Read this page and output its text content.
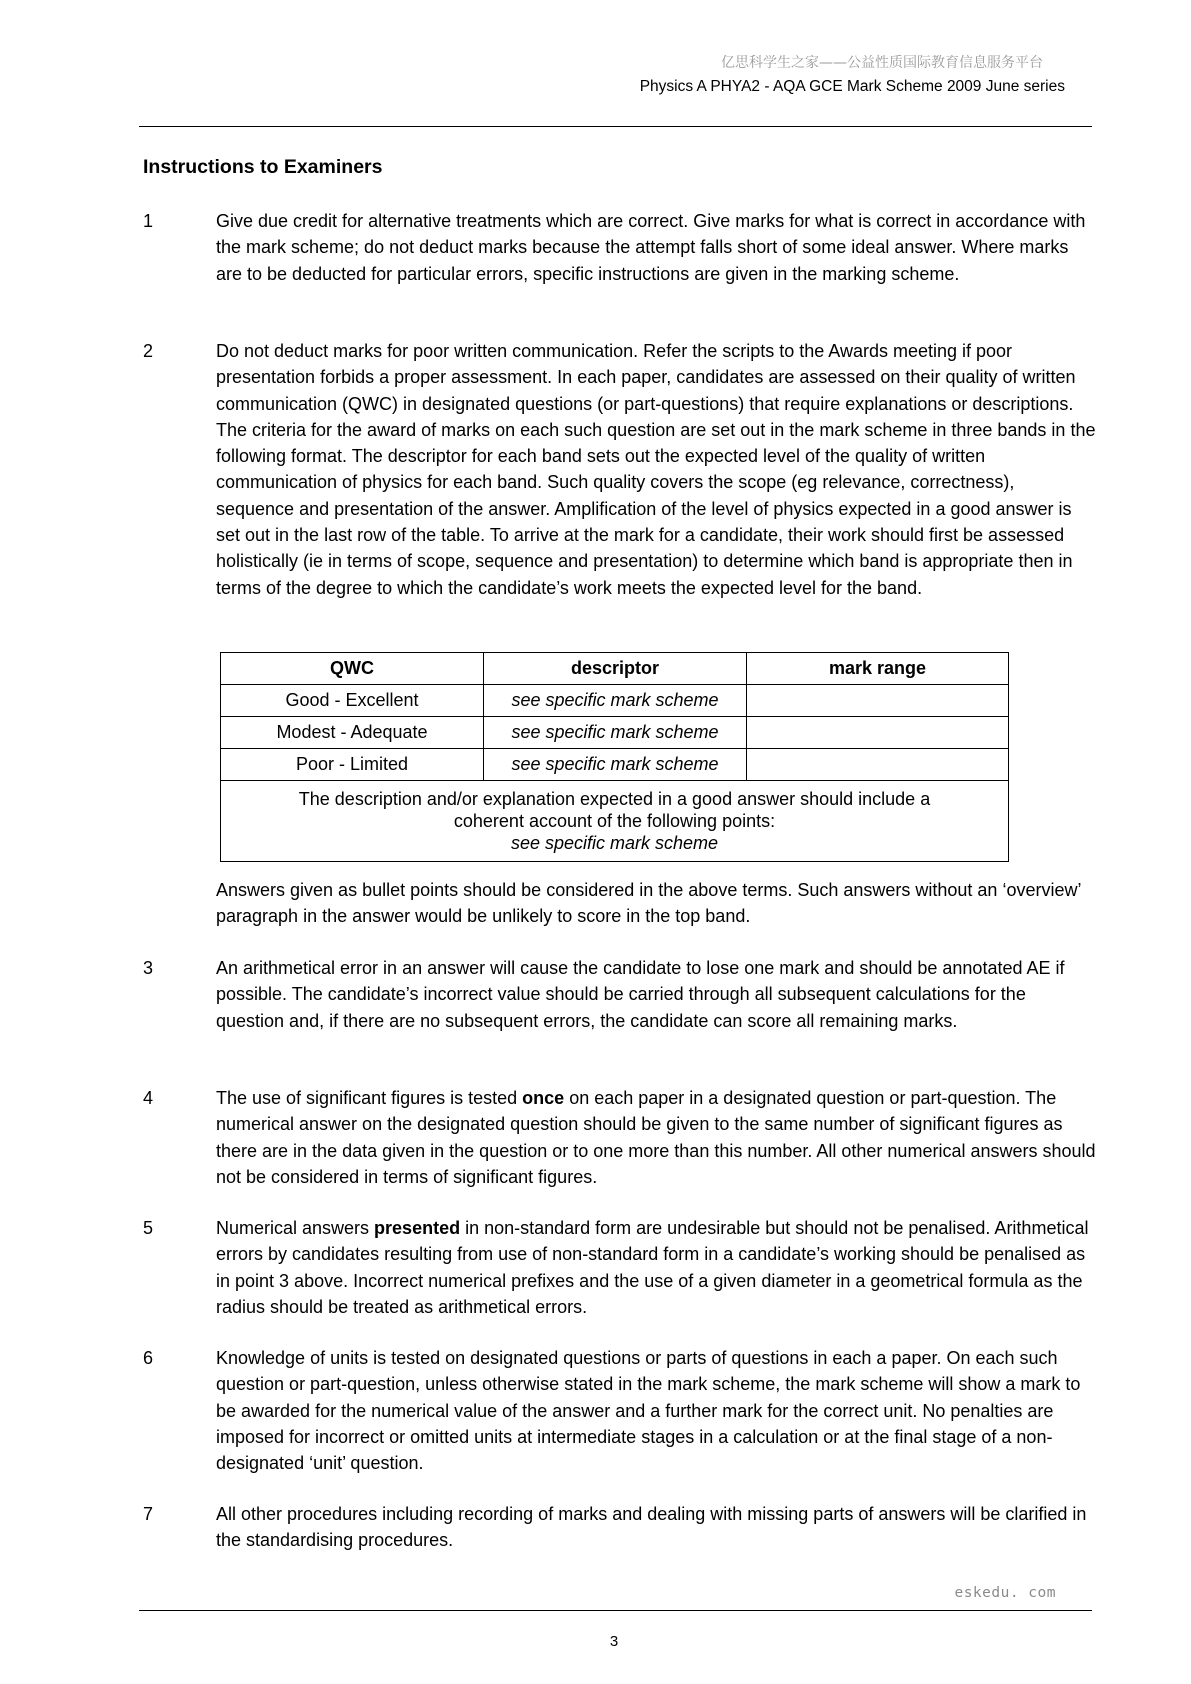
亿思科学生之家——公益性质国际教育信息服务平台
Physics A PHYA2 - AQA GCE Mark Scheme 2009 June series
Instructions to Examiners
1	Give due credit for alternative treatments which are correct. Give marks for what is correct in accordance with the mark scheme; do not deduct marks because the attempt falls short of some ideal answer. Where marks are to be deducted for particular errors, specific instructions are given in the marking scheme.
2	Do not deduct marks for poor written communication. Refer the scripts to the Awards meeting if poor presentation forbids a proper assessment. In each paper, candidates are assessed on their quality of written communication (QWC) in designated questions (or part-questions) that require explanations or descriptions. The criteria for the award of marks on each such question are set out in the mark scheme in three bands in the following format. The descriptor for each band sets out the expected level of the quality of written communication of physics for each band. Such quality covers the scope (eg relevance, correctness), sequence and presentation of the answer. Amplification of the level of physics expected in a good answer is set out in the last row of the table. To arrive at the mark for a candidate, their work should first be assessed holistically (ie in terms of scope, sequence and presentation) to determine which band is appropriate then in terms of the degree to which the candidate’s work meets the expected level for the band.
QWC	descriptor	mark range
Good - Excellent	see specific mark scheme	
Modest - Adequate	see specific mark scheme	
Poor - Limited	see specific mark scheme	

The description and/or explanation expected in a good answer should include a
coherent account of the following points:
see specific mark scheme		
Answers given as bullet points should be considered in the above terms. Such answers without an ‘overview’ paragraph in the answer would be unlikely to score in the top band.
3	An arithmetical error in an answer will cause the candidate to lose one mark and should be annotated AE if possible. The candidate’s incorrect value should be carried through all subsequent calculations for the question and, if there are no subsequent errors, the candidate can score all remaining marks.
4	The use of significant figures is tested once on each paper in a designated question or part-question. The numerical answer on the designated question should be given to the same number of significant figures as there are in the data given in the question or to one more than this number. All other numerical answers should not be considered in terms of significant figures.
5	Numerical answers presented in non-standard form are undesirable but should not be penalised. Arithmetical errors by candidates resulting from use of non-standard form in a candidate’s working should be penalised as in point 3 above. Incorrect numerical prefixes and the use of a given diameter in a geometrical formula as the radius should be treated as arithmetical errors.
6	Knowledge of units is tested on designated questions or parts of questions in each a paper. On each such question or part-question, unless otherwise stated in the mark scheme, the mark scheme will show a mark to be awarded for the numerical value of the answer and a further mark for the correct unit. No penalties are imposed for incorrect or omitted units at intermediate stages in a calculation or at the final stage of a non-designated ‘unit’ question.
7	All other procedures including recording of marks and dealing with missing parts of answers will be clarified in the standardising procedures.
eskedu. com
3
